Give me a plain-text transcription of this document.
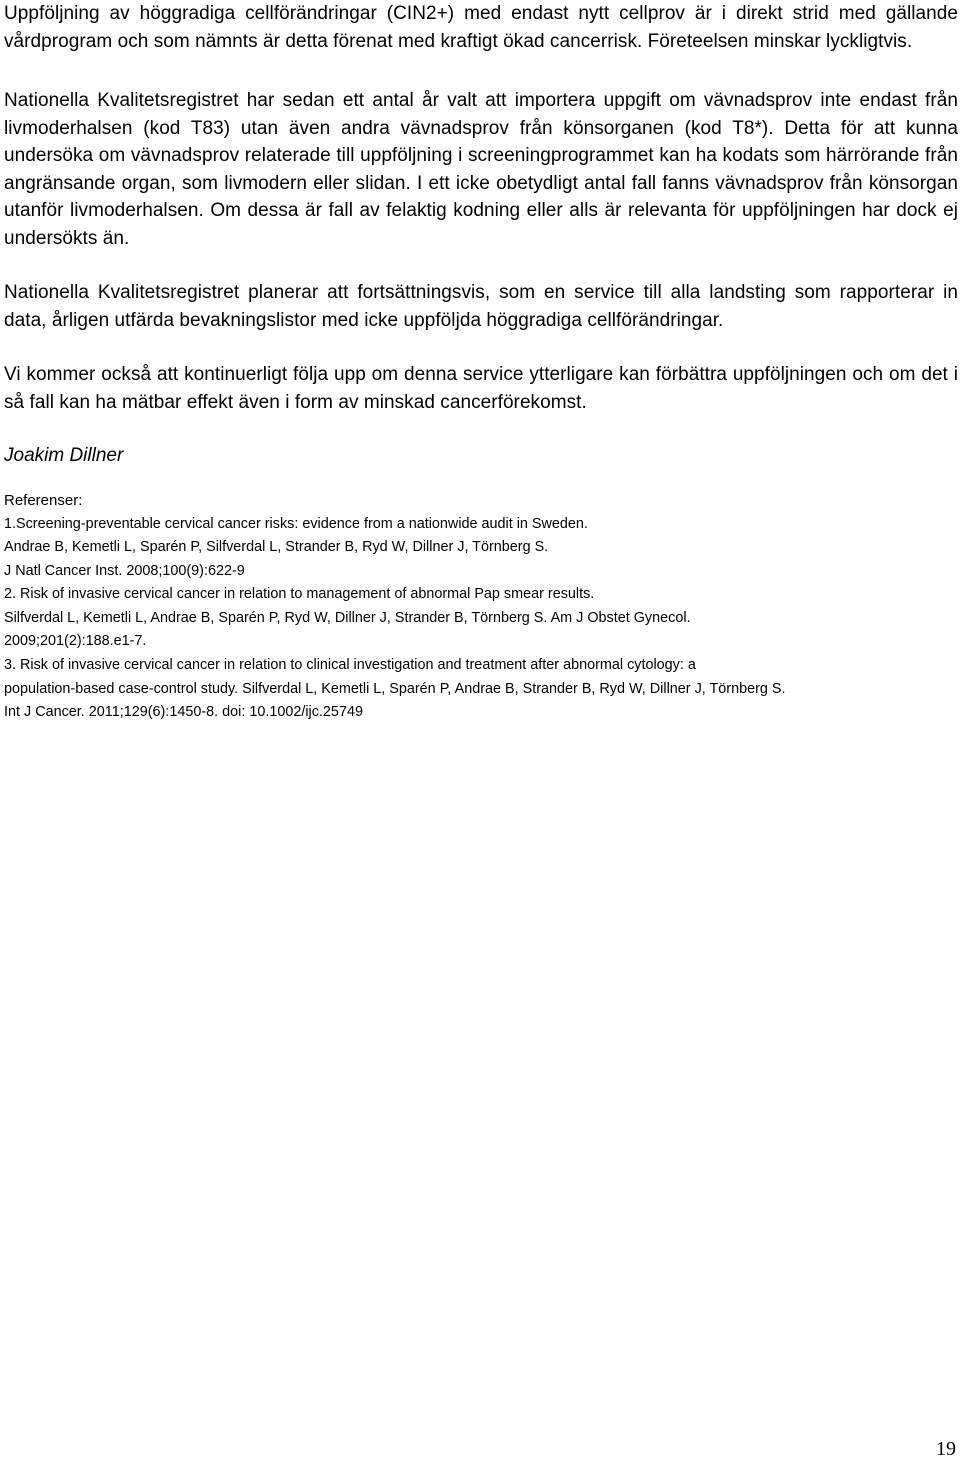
Uppföljning av höggradiga cellförändringar (CIN2+) med endast nytt cellprov är i direkt strid med gällande vårdprogram och som nämnts är detta förenat med kraftigt ökad cancerrisk. Företeelsen minskar lyckligtvis.

Nationella Kvalitetsregistret har sedan ett antal år valt att importera uppgift om vävnadsprov inte endast från livmoderhalsen (kod T83) utan även andra vävnadsprov från könsorganen (kod T8*). Detta för att kunna undersöka om vävnadsprov relaterade till uppföljning i screeningprogrammet kan ha kodats som härrörande från angränsande organ, som livmodern eller slidan. I ett icke obetydligt antal fall fanns vävnadsprov från könsorgan utanför livmoderhalsen. Om dessa är fall av felaktig kodning eller alls är relevanta för uppföljningen har dock ej undersökts än.

Nationella Kvalitetsregistret planerar att fortsättningsvis, som en service till alla landsting som rapporterar in data, årligen utfärda bevakningslistor med icke uppföljda höggradiga cellförändringar.

Vi kommer också att kontinuerligt följa upp om denna service ytterligare kan förbättra uppföljningen och om det i så fall kan ha mätbar effekt även i form av minskad cancerförekomst.

Joakim Dillner

Referenser:

1.Screening-preventable cervical cancer risks: evidence from a nationwide audit in Sweden.

Andrae B, Kemetli L, Sparén P, Silfverdal L, Strander B, Ryd W, Dillner J, Törnberg S.

J Natl Cancer Inst. 2008;100(9):622-9

2. Risk of invasive cervical cancer in relation to management of abnormal Pap smear results.

Silfverdal L, Kemetli L, Andrae B, Sparén P, Ryd W, Dillner J, Strander B, Törnberg S. Am J Obstet Gynecol.

2009;201(2):188.e1-7.

3. Risk of invasive cervical cancer in relation to clinical investigation and treatment after abnormal cytology: a

population-based case-control study. Silfverdal L, Kemetli L, Sparén P, Andrae B, Strander B, Ryd W, Dillner J, Törnberg S.

Int J Cancer. 2011;129(6):1450-8. doi: 10.1002/ijc.25749

19
